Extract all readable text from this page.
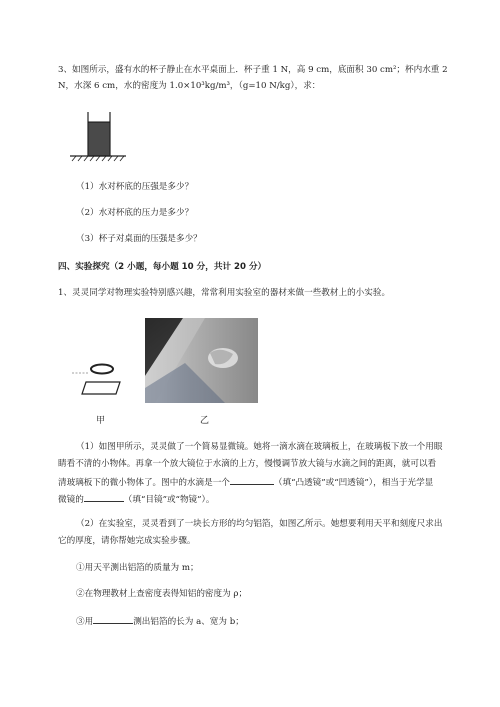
3、如图所示，盛有水的杯子静止在水平桌面上．杯子重 1 N，高 9 cm，底面积 30 cm²；杯内水重 2
N，水深 6 cm，水的密度为 1.0×10³kg/m³，（g=10 N/kg），求：
（1）水对杯底的压强是多少？
（2）水对杯底的压力是多少？
（3）杯子对桌面的压强是多少？
四、实验探究（2 小题，每小题 10 分，共计 20 分）
1、灵灵同学对物理实验特别感兴趣，常常利用实验室的器材来做一些教材上的小实验。
甲	乙
（1）如图甲所示，灵灵做了一个简易显微镜。她将一滴水滴在玻璃板上，在玻璃板下放一个用眼
睛看不清的小物体。再拿一个放大镜位于水滴的上方，慢慢调节放大镜与水滴之间的距离，就可以看
清玻璃板下的微小物体了。图中的水滴是一个	（填“凸透镜”或“凹透镜”），相当于光学显
微镜的	（填“目镜”或“物镜”）。
（2）在实验室，灵灵看到了一块长方形的均匀铝箔，如图乙所示。她想要利用天平和刻度尺求出
它的厚度，请你帮她完成实验步骤。
①用天平测出铝箔的质量为 m；
②在物理教材上查密度表得知铝的密度为 ρ；
③用	测出铝箔的长为 a、宽为 b；
